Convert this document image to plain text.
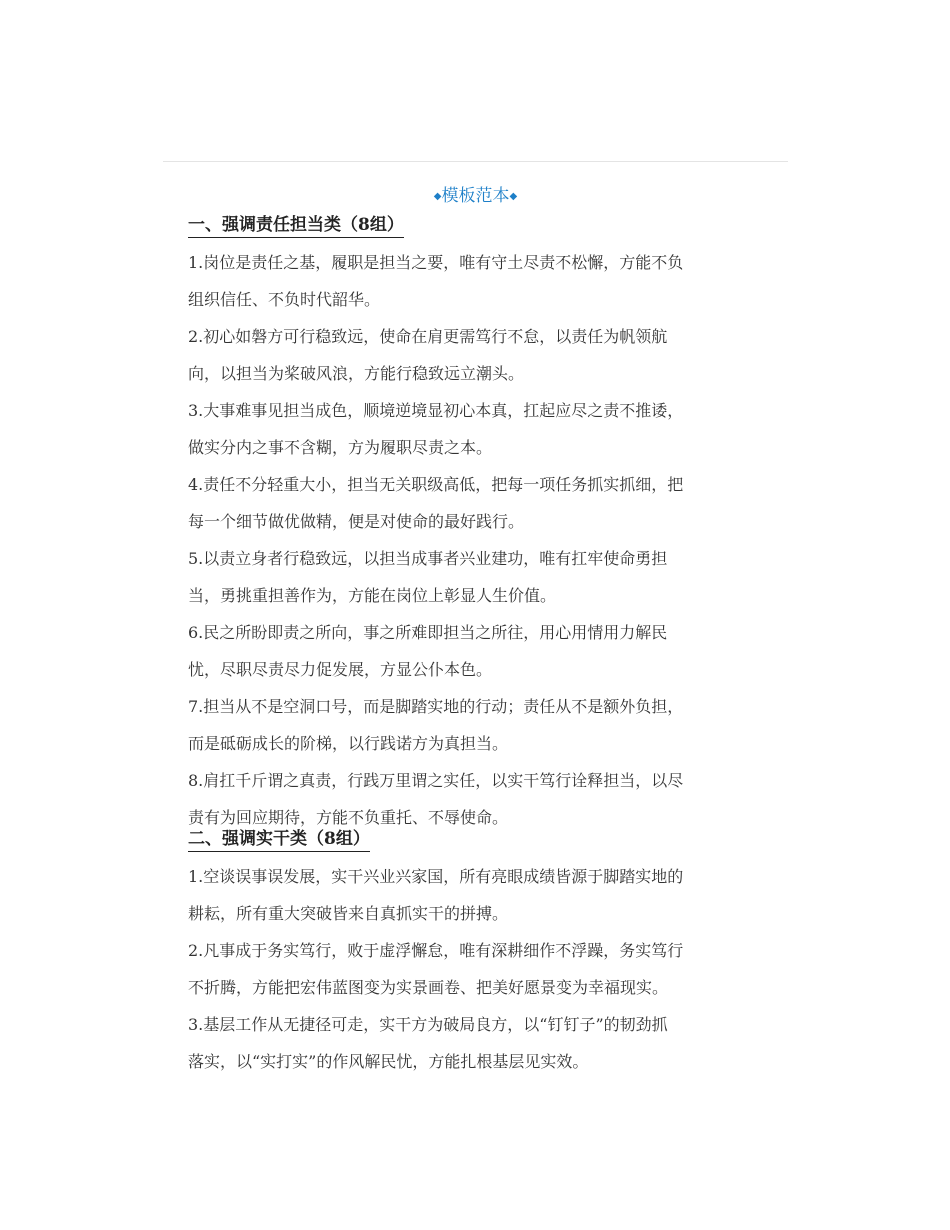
◆模板范本◆
一、强调责任担当类（8组）

1.岗位是责任之基，履职是担当之要，唯有守土尽责不松懈，方能不负
组织信任、不负时代韶华。

2.初心如磐方可行稳致远，使命在肩更需笃行不怠，以责任为帆领航
向，以担当为桨破风浪，方能行稳致远立潮头。

3.大事难事见担当成色，顺境逆境显初心本真，扛起应尽之责不推诿，
做实分内之事不含糊，方为履职尽责之本。

4.责任不分轻重大小，担当无关职级高低，把每一项任务抓实抓细，把
每一个细节做优做精，便是对使命的最好践行。

5.以责立身者行稳致远，以担当成事者兴业建功，唯有扛牢使命勇担
当，勇挑重担善作为，方能在岗位上彰显人生价值。

6.民之所盼即责之所向，事之所难即担当之所往，用心用情用力解民
忧，尽职尽责尽力促发展，方显公仆本色。

7.担当从不是空洞口号，而是脚踏实地的行动；责任从不是额外负担，
而是砥砺成长的阶梯，以行践诺方为真担当。

8.肩扛千斤谓之真责，行践万里谓之实任，以实干笃行诠释担当，以尽
责有为回应期待，方能不负重托、不辱使命。

二、强调实干类（8组）

1.空谈误事误发展，实干兴业兴家国，所有亮眼成绩皆源于脚踏实地的
耕耘，所有重大突破皆来自真抓实干的拼搏。

2.凡事成于务实笃行，败于虚浮懈怠，唯有深耕细作不浮躁，务实笃行
不折腾，方能把宏伟蓝图变为实景画卷、把美好愿景变为幸福现实。

3.基层工作从无捷径可走，实干方为破局良方，以“钉钉子”的韧劲抓
落实，以“实打实”的作风解民忧，方能扎根基层见实效。
